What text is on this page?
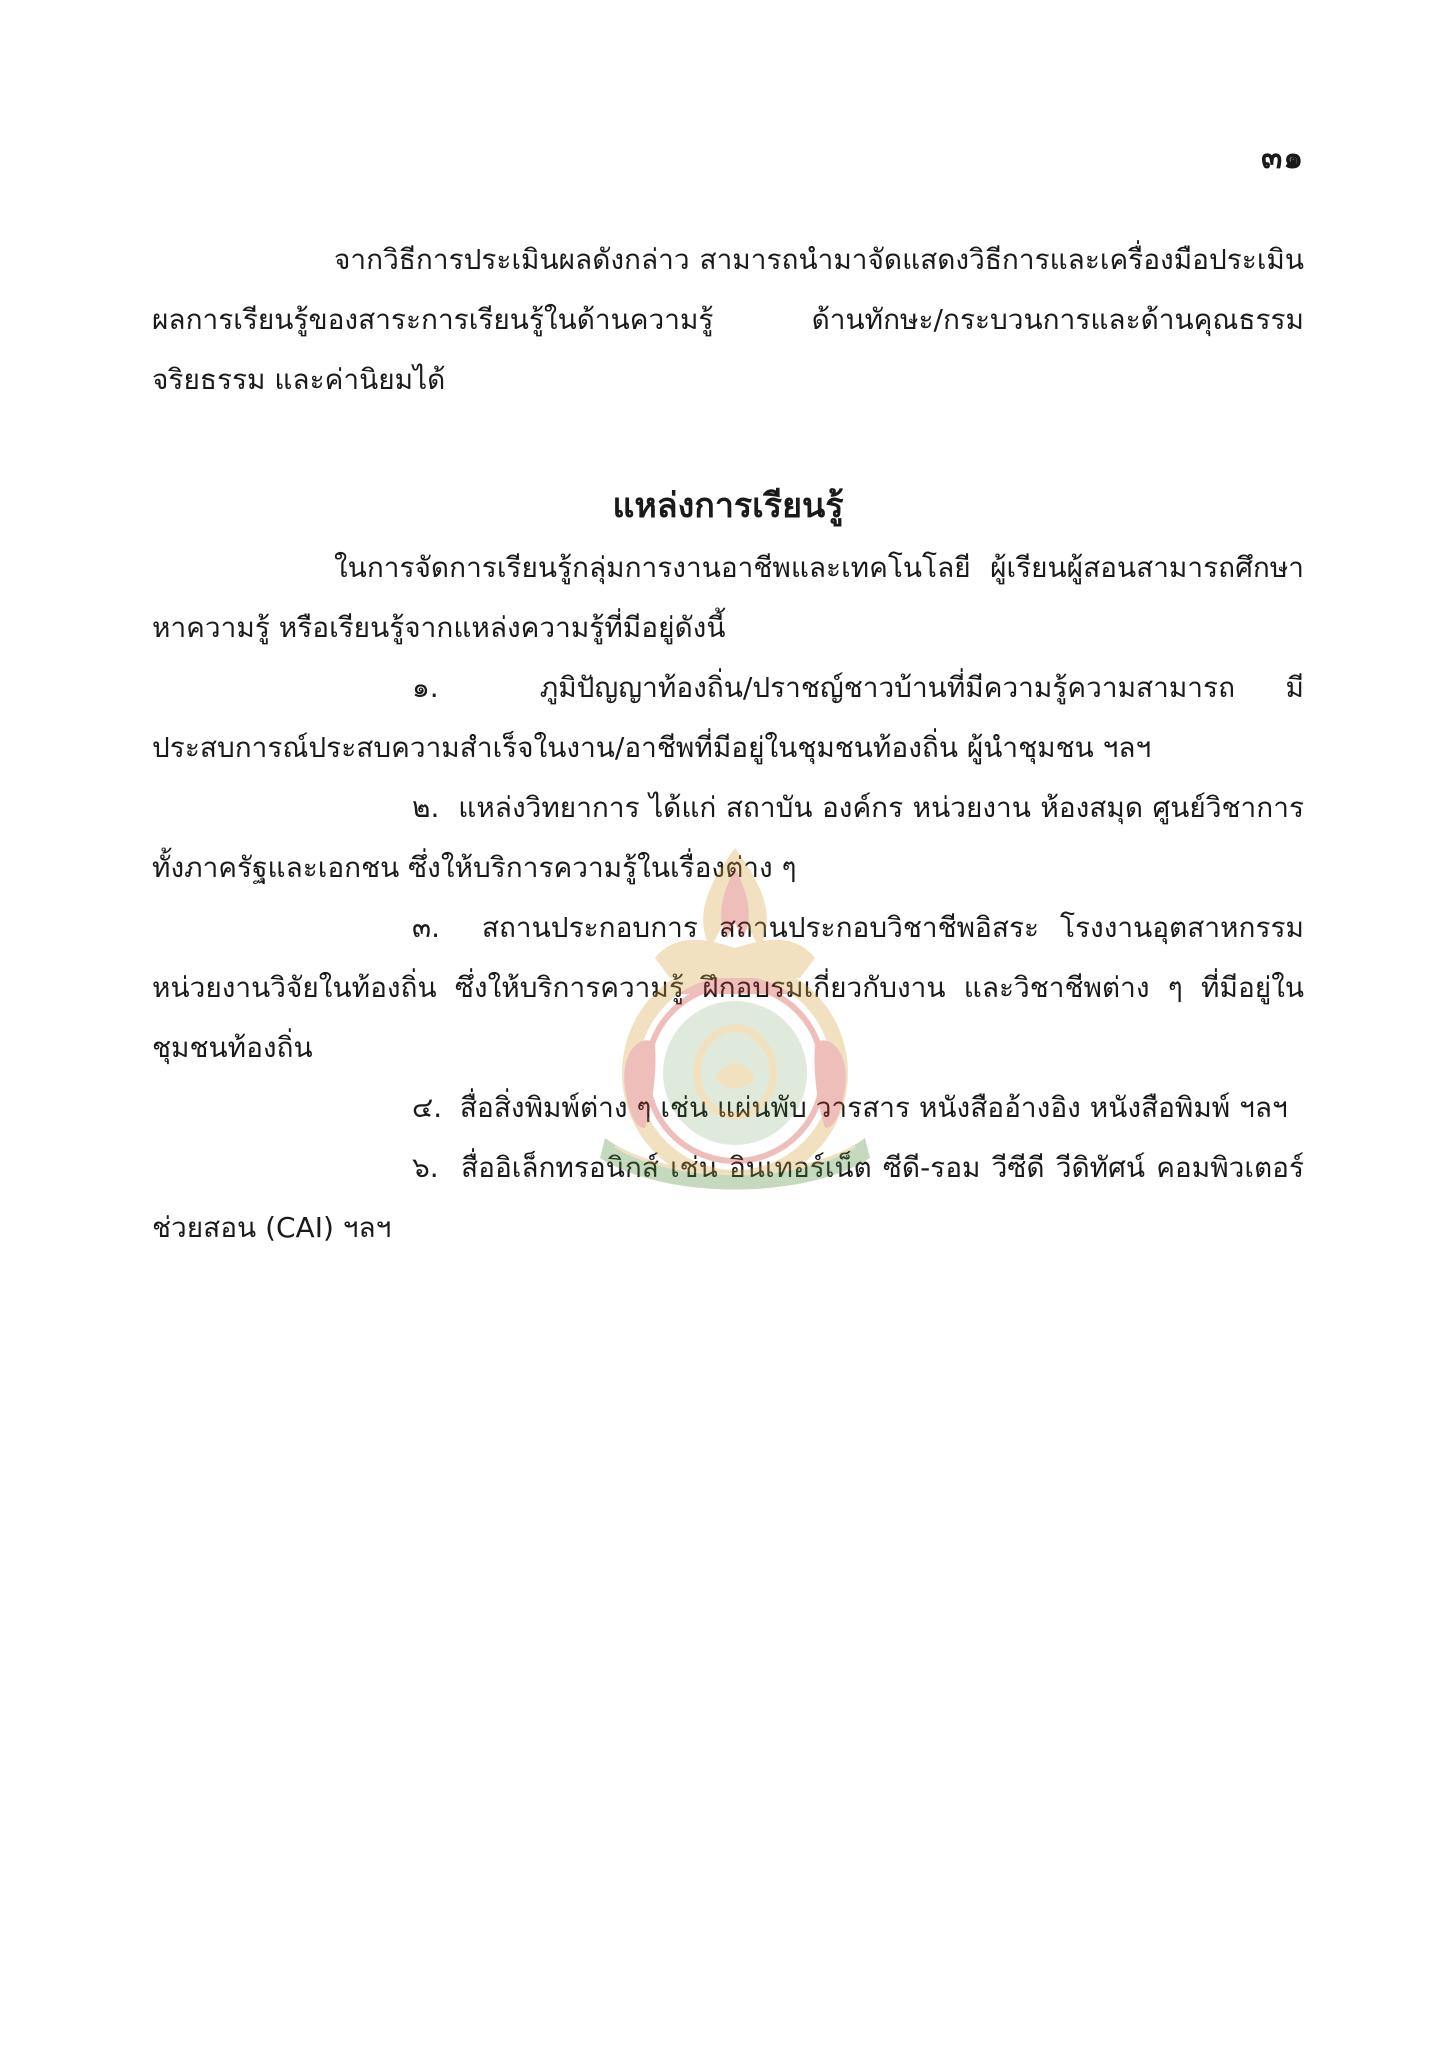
๓๑

จากวิธีการประเมินผลดังกล่าว สามารถนำมาจัดแสดงวิธีการและเครื่องมือประเมินผลการเรียนรู้ของสาระการเรียนรู้ในด้านความรู้ ด้านทักษะ/กระบวนการและด้านคุณธรรมจริยธรรม และค่านิยมได้

แหล่งการเรียนรู้

ในการจัดการเรียนรู้กลุ่มการงานอาชีพและเทคโนโลยี ผู้เรียนผู้สอนสามารถศึกษาหาความรู้ หรือเรียนรู้จากแหล่งความรู้ที่มีอยู่ดังนี้

๑.	ภูมิปัญญาท้องถิ่น/ปราชญ์ชาวบ้านที่มีความรู้ความสามารถ มีประสบการณ์ประสบความสำเร็จในงาน/อาชีพที่มีอยู่ในชุมชนท้องถิ่น ผู้นำชุมชน ฯลฯ

๒. แหล่งวิทยาการ ได้แก่ สถาบัน องค์กร หน่วยงาน ห้องสมุด ศูนย์วิชาการทั้งภาครัฐและเอกชน ซึ่งให้บริการความรู้ในเรื่องต่าง ๆ

๓. สถานประกอบการ สถานประกอบวิชาชีพอิสระ โรงงานอุตสาหกรรม หน่วยงานวิจัยในท้องถิ่น ซึ่งให้บริการความรู้ ฝึกอบรมเกี่ยวกับงาน และวิชาชีพต่าง ๆ ที่มีอยู่ในชุมชนท้องถิ่น

๔. สื่อสิ่งพิมพ์ต่าง ๆ เช่น แผ่นพับ วารสาร หนังสืออ้างอิง หนังสือพิมพ์ ฯลฯ

๖. สื่ออิเล็กทรอนิกส์ เช่น อินเทอร์เน็ต ซีดี-รอม วีซีดี วีดิทัศน์ คอมพิวเตอร์ช่วยสอน (CAI) ฯลฯ
